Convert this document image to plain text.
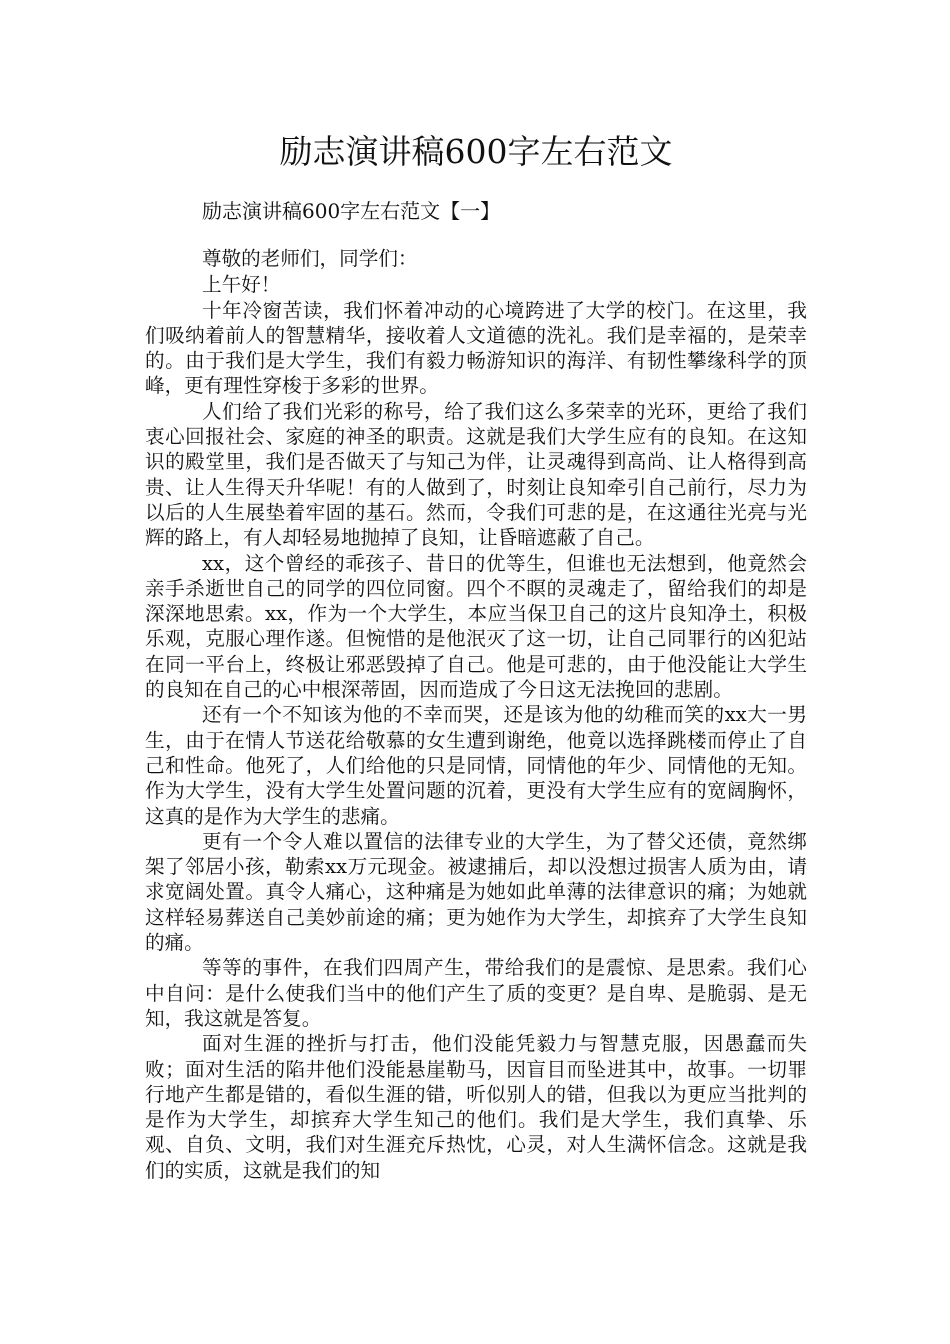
励志演讲稿600字左右范文
励志演讲稿600字左右范文【一】

尊敬的老师们，同学们：

上午好！

十年冷窗苦读，我们怀着冲动的心境跨进了大学的校门。在这里，我们吸纳着前人的智慧精华，接收着人文道德的洗礼。我们是幸福的，是荣幸的。由于我们是大学生，我们有毅力畅游知识的海洋、有韧性攀缘科学的顶峰，更有理性穿梭于多彩的世界。

人们给了我们光彩的称号，给了我们这么多荣幸的光环，更给了我们衷心回报社会、家庭的神圣的职责。这就是我们大学生应有的良知。在这知识的殿堂里，我们是否做天了与知己为伴，让灵魂得到高尚、让人格得到高贵、让人生得天升华呢！有的人做到了，时刻让良知牵引自己前行，尽力为以后的人生展垫着牢固的基石。然而，令我们可悲的是，在这通往光亮与光辉的路上，有人却轻易地抛掉了良知，让昏暗遮蔽了自己。

xx，这个曾经的乖孩子、昔日的优等生，但谁也无法想到，他竟然会亲手杀逝世自己的同学的四位同窗。四个不瞑的灵魂走了，留给我们的却是深深地思索。xx，作为一个大学生，本应当保卫自己的这片良知净土，积极乐观，克服心理作遂。但惋惜的是他泯灭了这一切，让自己同罪行的凶犯站在同一平台上，终极让邪恶毁掉了自己。他是可悲的，由于他没能让大学生的良知在自己的心中根深蒂固，因而造成了今日这无法挽回的悲剧。

还有一个不知该为他的不幸而哭，还是该为他的幼稚而笑的xx大一男生，由于在情人节送花给敬慕的女生遭到谢绝，他竟以选择跳楼而停止了自己和性命。他死了，人们给他的只是同情，同情他的年少、同情他的无知。作为大学生，没有大学生处置问题的沉着，更没有大学生应有的宽阔胸怀，这真的是作为大学生的悲痛。

更有一个令人难以置信的法律专业的大学生，为了替父还债，竟然绑架了邻居小孩，勒索xx万元现金。被逮捕后，却以没想过损害人质为由，请求宽阔处置。真令人痛心，这种痛是为她如此单薄的法律意识的痛；为她就这样轻易葬送自己美妙前途的痛；更为她作为大学生，却摈弃了大学生良知的痛。

等等的事件，在我们四周产生，带给我们的是震惊、是思索。我们心中自问：是什么使我们当中的他们产生了质的变更？是自卑、是脆弱、是无知，我这就是答复。

面对生涯的挫折与打击，他们没能凭毅力与智慧克服，因愚蠢而失败；面对生活的陷井他们没能悬崖勒马，因盲目而坠进其中，故事。一切罪行地产生都是错的，看似生涯的错，听似别人的错，但我以为更应当批判的是作为大学生，却摈弃大学生知己的他们。我们是大学生，我们真挚、乐观、自负、文明，我们对生涯充斥热忱，心灵，对人生满怀信念。这就是我们的实质，这就是我们的知
